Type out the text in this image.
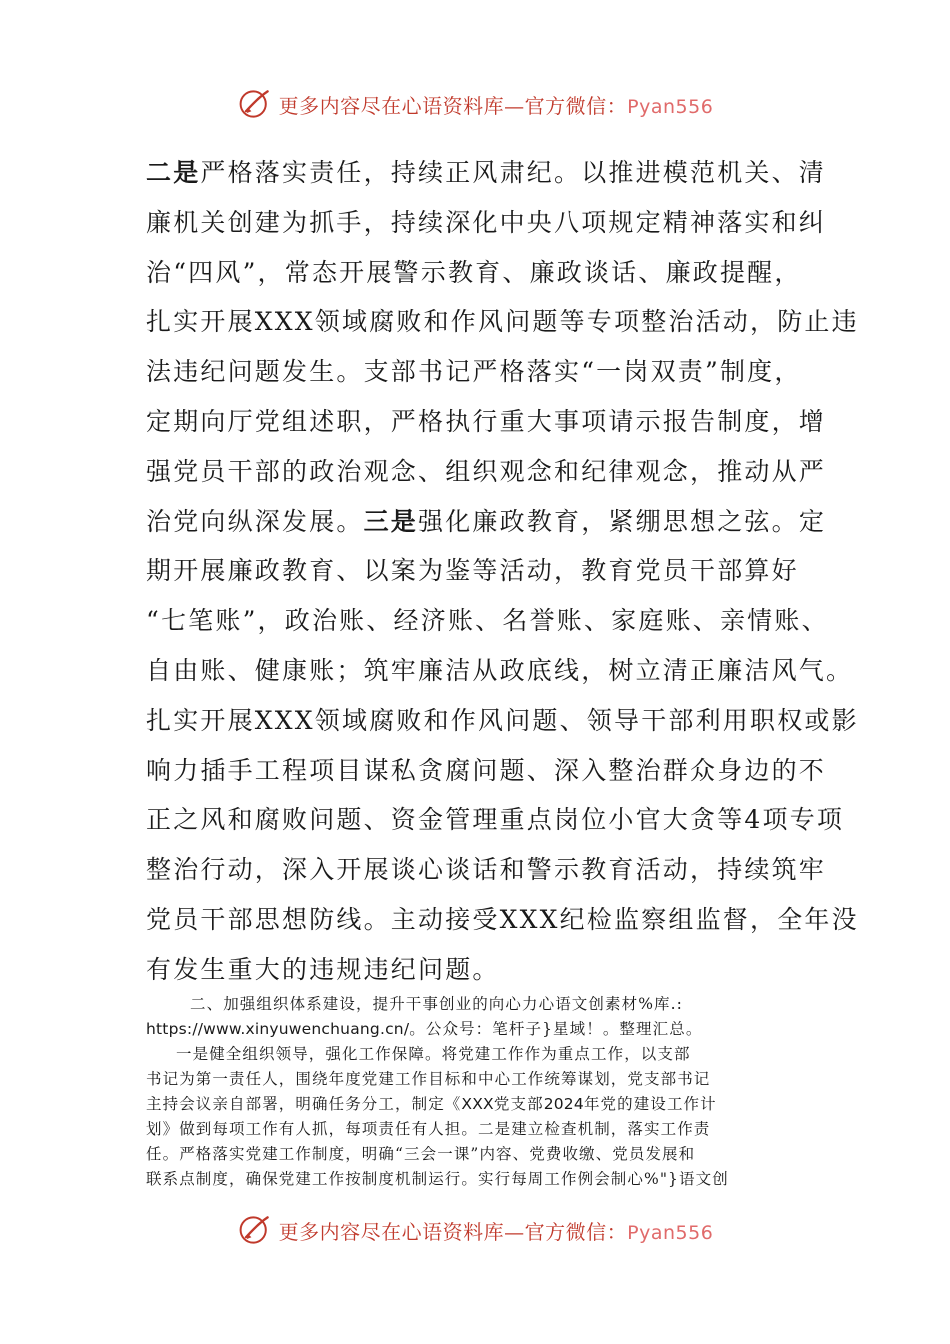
更多内容尽在心语资料库—官方微信：Pyan556
二是严格落实责任，持续正风肃纪。以推进模范机关、清
廉机关创建为抓手，持续深化中央八项规定精神落实和纠
治“四风”，常态开展警示教育、廉政谈话、廉政提醒，
扎实开展XXX领域腐败和作风问题等专项整治活动，防止违
法违纪问题发生。支部书记严格落实“一岗双责”制度，
定期向厅党组述职，严格执行重大事项请示报告制度，增
强党员干部的政治观念、组织观念和纪律观念，推动从严
治党向纵深发展。三是强化廉政教育，紧绷思想之弦。定
期开展廉政教育、以案为鉴等活动，教育党员干部算好
“七笔账”，政治账、经济账、名誉账、家庭账、亲情账、
自由账、健康账；筑牢廉洁从政底线，树立清正廉洁风气。
扎实开展XXX领域腐败和作风问题、领导干部利用职权或影
响力插手工程项目谋私贪腐问题、深入整治群众身边的不
正之风和腐败问题、资金管理重点岗位小官大贪等4项专项
整治行动，深入开展谈心谈话和警示教育活动，持续筑牢
党员干部思想防线。主动接受XXX纪检监察组监督，全年没
有发生重大的违规违纪问题。
二、加强组织体系建设，提升干事创业的向心力心语文创素材%库.:
https://www.xinyuwenchuang.cn/。公众号：笔杆子}星域！。整理汇总。
一是健全组织领导，强化工作保障。将党建工作作为重点工作，以支部
书记为第一责任人，围绕年度党建工作目标和中心工作统筹谋划，党支部书记
主持会议亲自部署，明确任务分工，制定《XXX党支部2024年党的建设工作计
划》做到每项工作有人抓，每项责任有人担。二是建立检查机制，落实工作责
任。严格落实党建工作制度，明确“三会一课”内容、党费收缴、党员发展和
联系点制度，确保党建工作按制度机制运行。实行每周工作例会制心%"}语文创
更多内容尽在心语资料库—官方微信：Pyan556
